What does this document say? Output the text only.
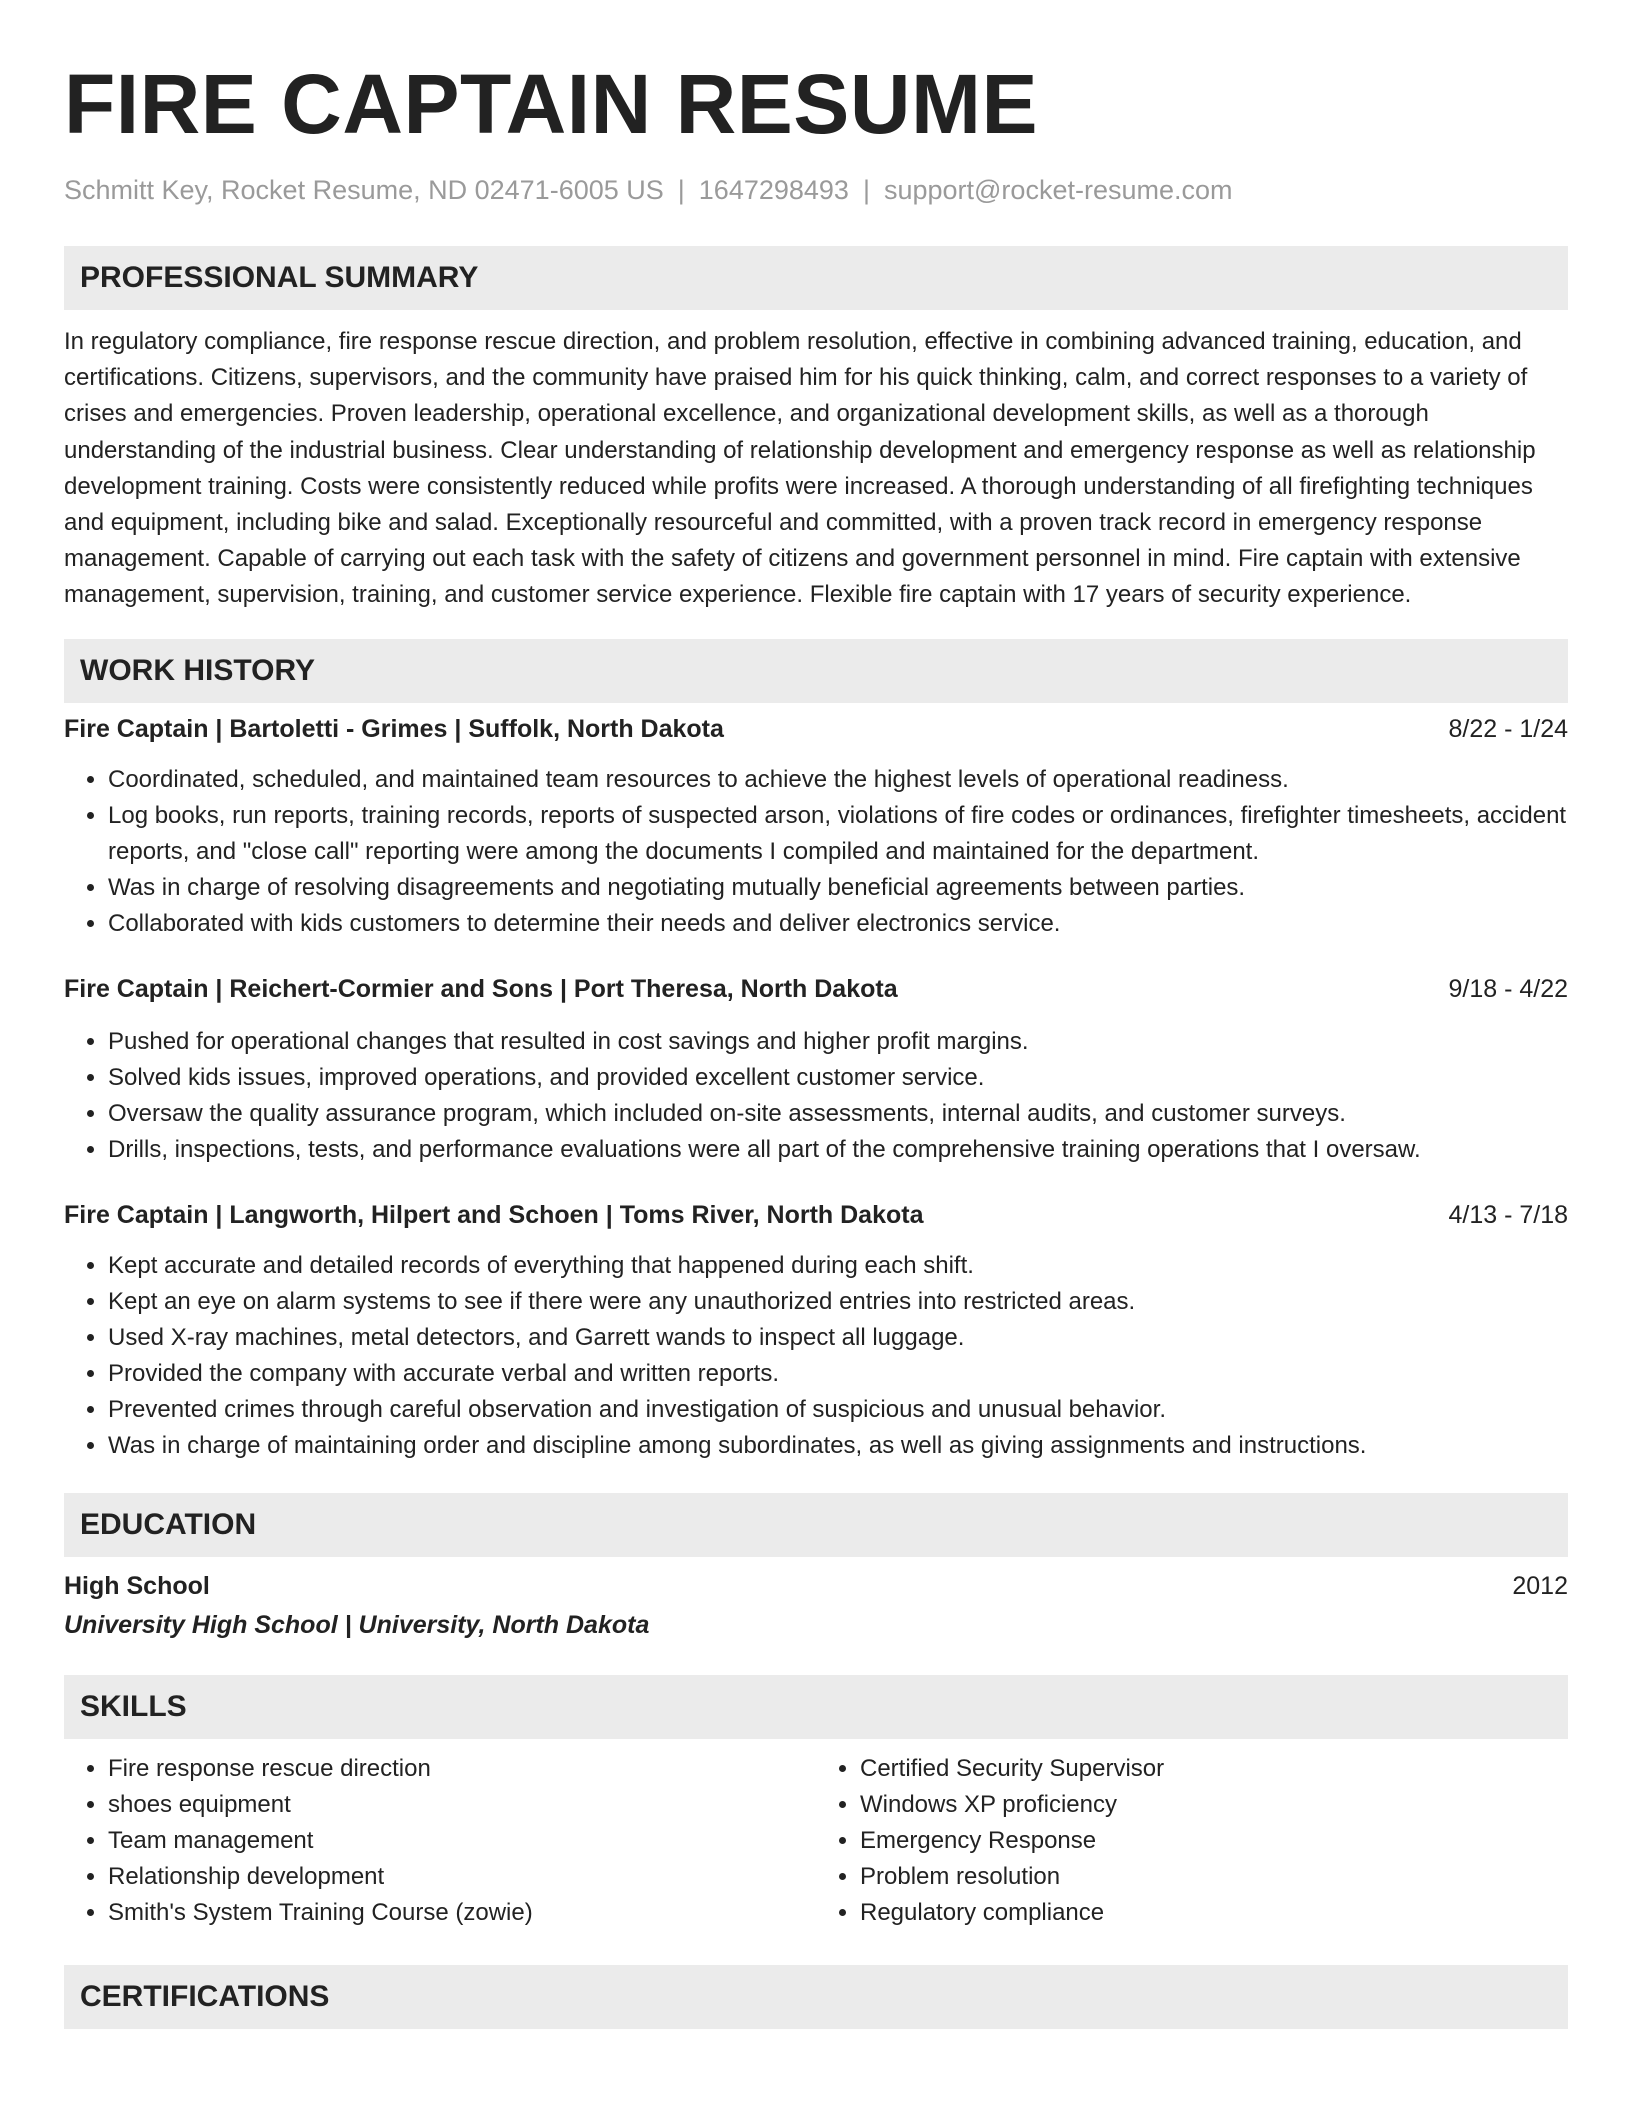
FIRE CAPTAIN RESUME
Schmitt Key, Rocket Resume, ND 02471-6005 US | 1647298493 | support@rocket-resume.com
PROFESSIONAL SUMMARY

In regulatory compliance, fire response rescue direction, and problem resolution, effective in combining advanced training, education, and certifications. Citizens, supervisors, and the community have praised him for his quick thinking, calm, and correct responses to a variety of crises and emergencies. Proven leadership, operational excellence, and organizational development skills, as well as a thorough understanding of the industrial business. Clear understanding of relationship development and emergency response as well as relationship development training. Costs were consistently reduced while profits were increased. A thorough understanding of all firefighting techniques and equipment, including bike and salad. Exceptionally resourceful and committed, with a proven track record in emergency response management. Capable of carrying out each task with the safety of citizens and government personnel in mind. Fire captain with extensive management, supervision, training, and customer service experience. Flexible fire captain with 17 years of security experience.

WORK HISTORY
Fire Captain | Bartoletti - Grimes | Suffolk, North Dakota	8/22 - 1/24
• Coordinated, scheduled, and maintained team resources to achieve the highest levels of operational readiness.
• Log books, run reports, training records, reports of suspected arson, violations of fire codes or ordinances, firefighter timesheets, accident reports, and "close call" reporting were among the documents I compiled and maintained for the department.
• Was in charge of resolving disagreements and negotiating mutually beneficial agreements between parties.
• Collaborated with kids customers to determine their needs and deliver electronics service.
Fire Captain | Reichert-Cormier and Sons | Port Theresa, North Dakota	9/18 - 4/22
• Pushed for operational changes that resulted in cost savings and higher profit margins.
• Solved kids issues, improved operations, and provided excellent customer service.
• Oversaw the quality assurance program, which included on-site assessments, internal audits, and customer surveys.
• Drills, inspections, tests, and performance evaluations were all part of the comprehensive training operations that I oversaw.
Fire Captain | Langworth, Hilpert and Schoen | Toms River, North Dakota	4/13 - 7/18
• Kept accurate and detailed records of everything that happened during each shift.
• Kept an eye on alarm systems to see if there were any unauthorized entries into restricted areas.
• Used X-ray machines, metal detectors, and Garrett wands to inspect all luggage.
• Provided the company with accurate verbal and written reports.
• Prevented crimes through careful observation and investigation of suspicious and unusual behavior.
• Was in charge of maintaining order and discipline among subordinates, as well as giving assignments and instructions.
EDUCATION
High School	2012
University High School | University, North Dakota
SKILLS
• Fire response rescue direction
• shoes equipment
• Team management
• Relationship development
• Smith's System Training Course (zowie)
• Certified Security Supervisor
• Windows XP proficiency
• Emergency Response
• Problem resolution
• Regulatory compliance
CERTIFICATIONS
